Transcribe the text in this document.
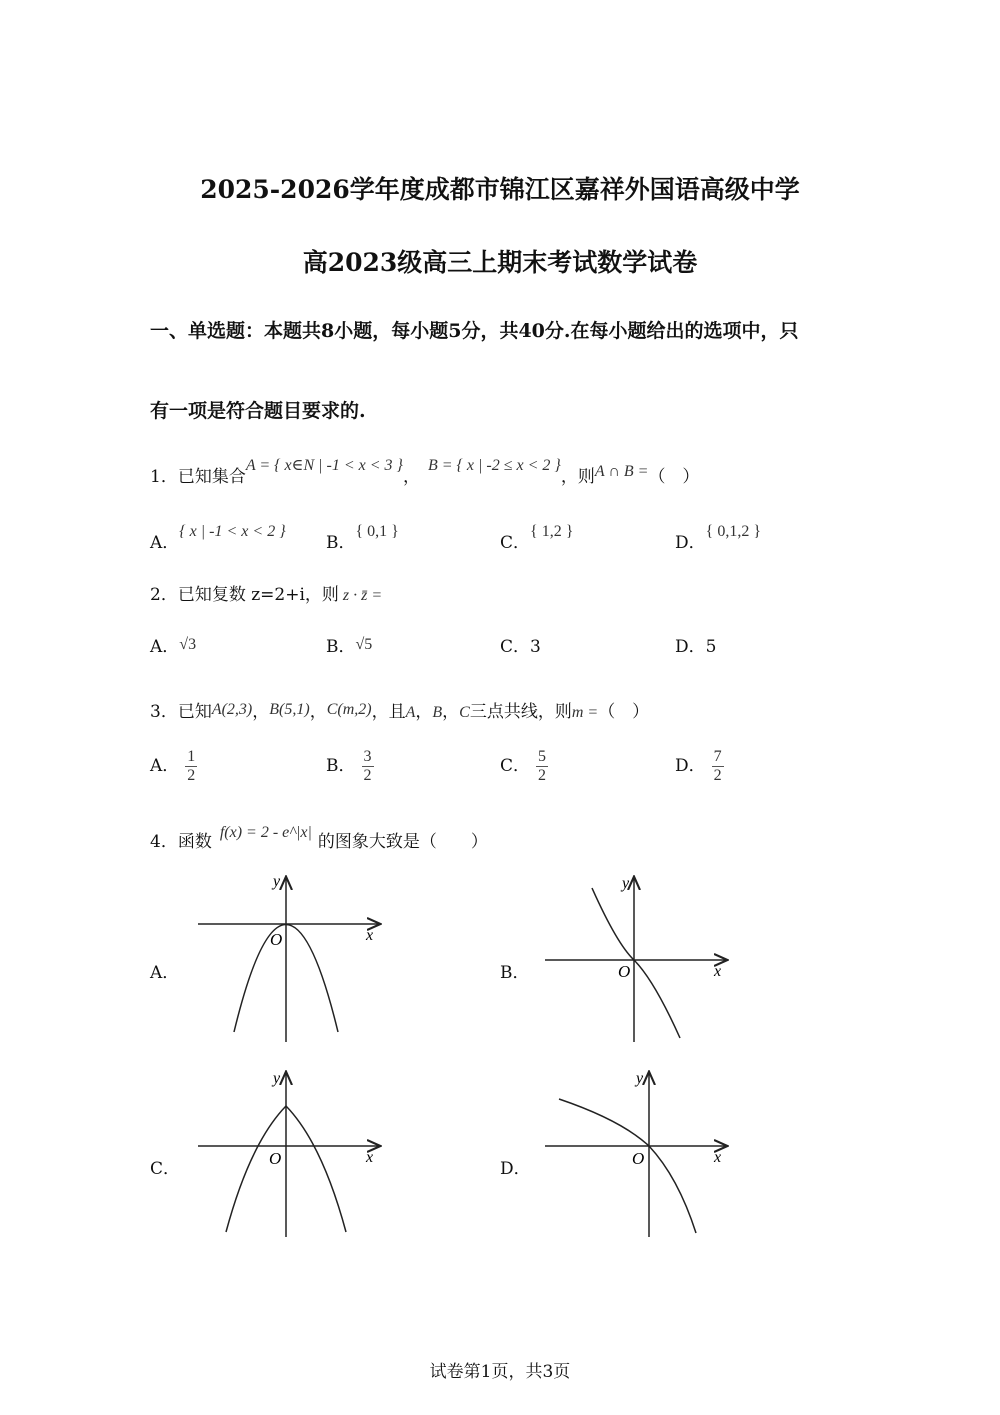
2025-2026学年度成都市锦江区嘉祥外国语高级中学
高2023级高三上期末考试数学试卷
一、单选题：本题共8小题，每小题5分，共40分.在每小题给出的选项中，只
有一项是符合题目要求的.
1．已知集合A = { x∈N | -1 < x < 3 }，B = { x | -2 ≤ x < 2 }，则A ∩ B =（　）
A．{ x | -1 < x < 2 }
B．{ 0,1 }
C．{ 1,2 }
D．{ 0,1,2 }
2．已知复数 z=2+i，则 z · z̄ =
A．√3	B．√5	C．3	D．5
3．已知A(2,3)，B(5,1)，C(m,2)，且A，B，C三点共线，则m =（　）
A． $\frac{1}{2}$	B． $\frac{3}{2}$	C． $\frac{5}{2}$	D． $\frac{7}{2}$
4．函数 f(x) = 2 - e^|x| 的图象大致是（　　）
A．	B．
C．	D．
y
x
O
y
x
O
y
x
O
y
x
O
试卷第1页，共3页
